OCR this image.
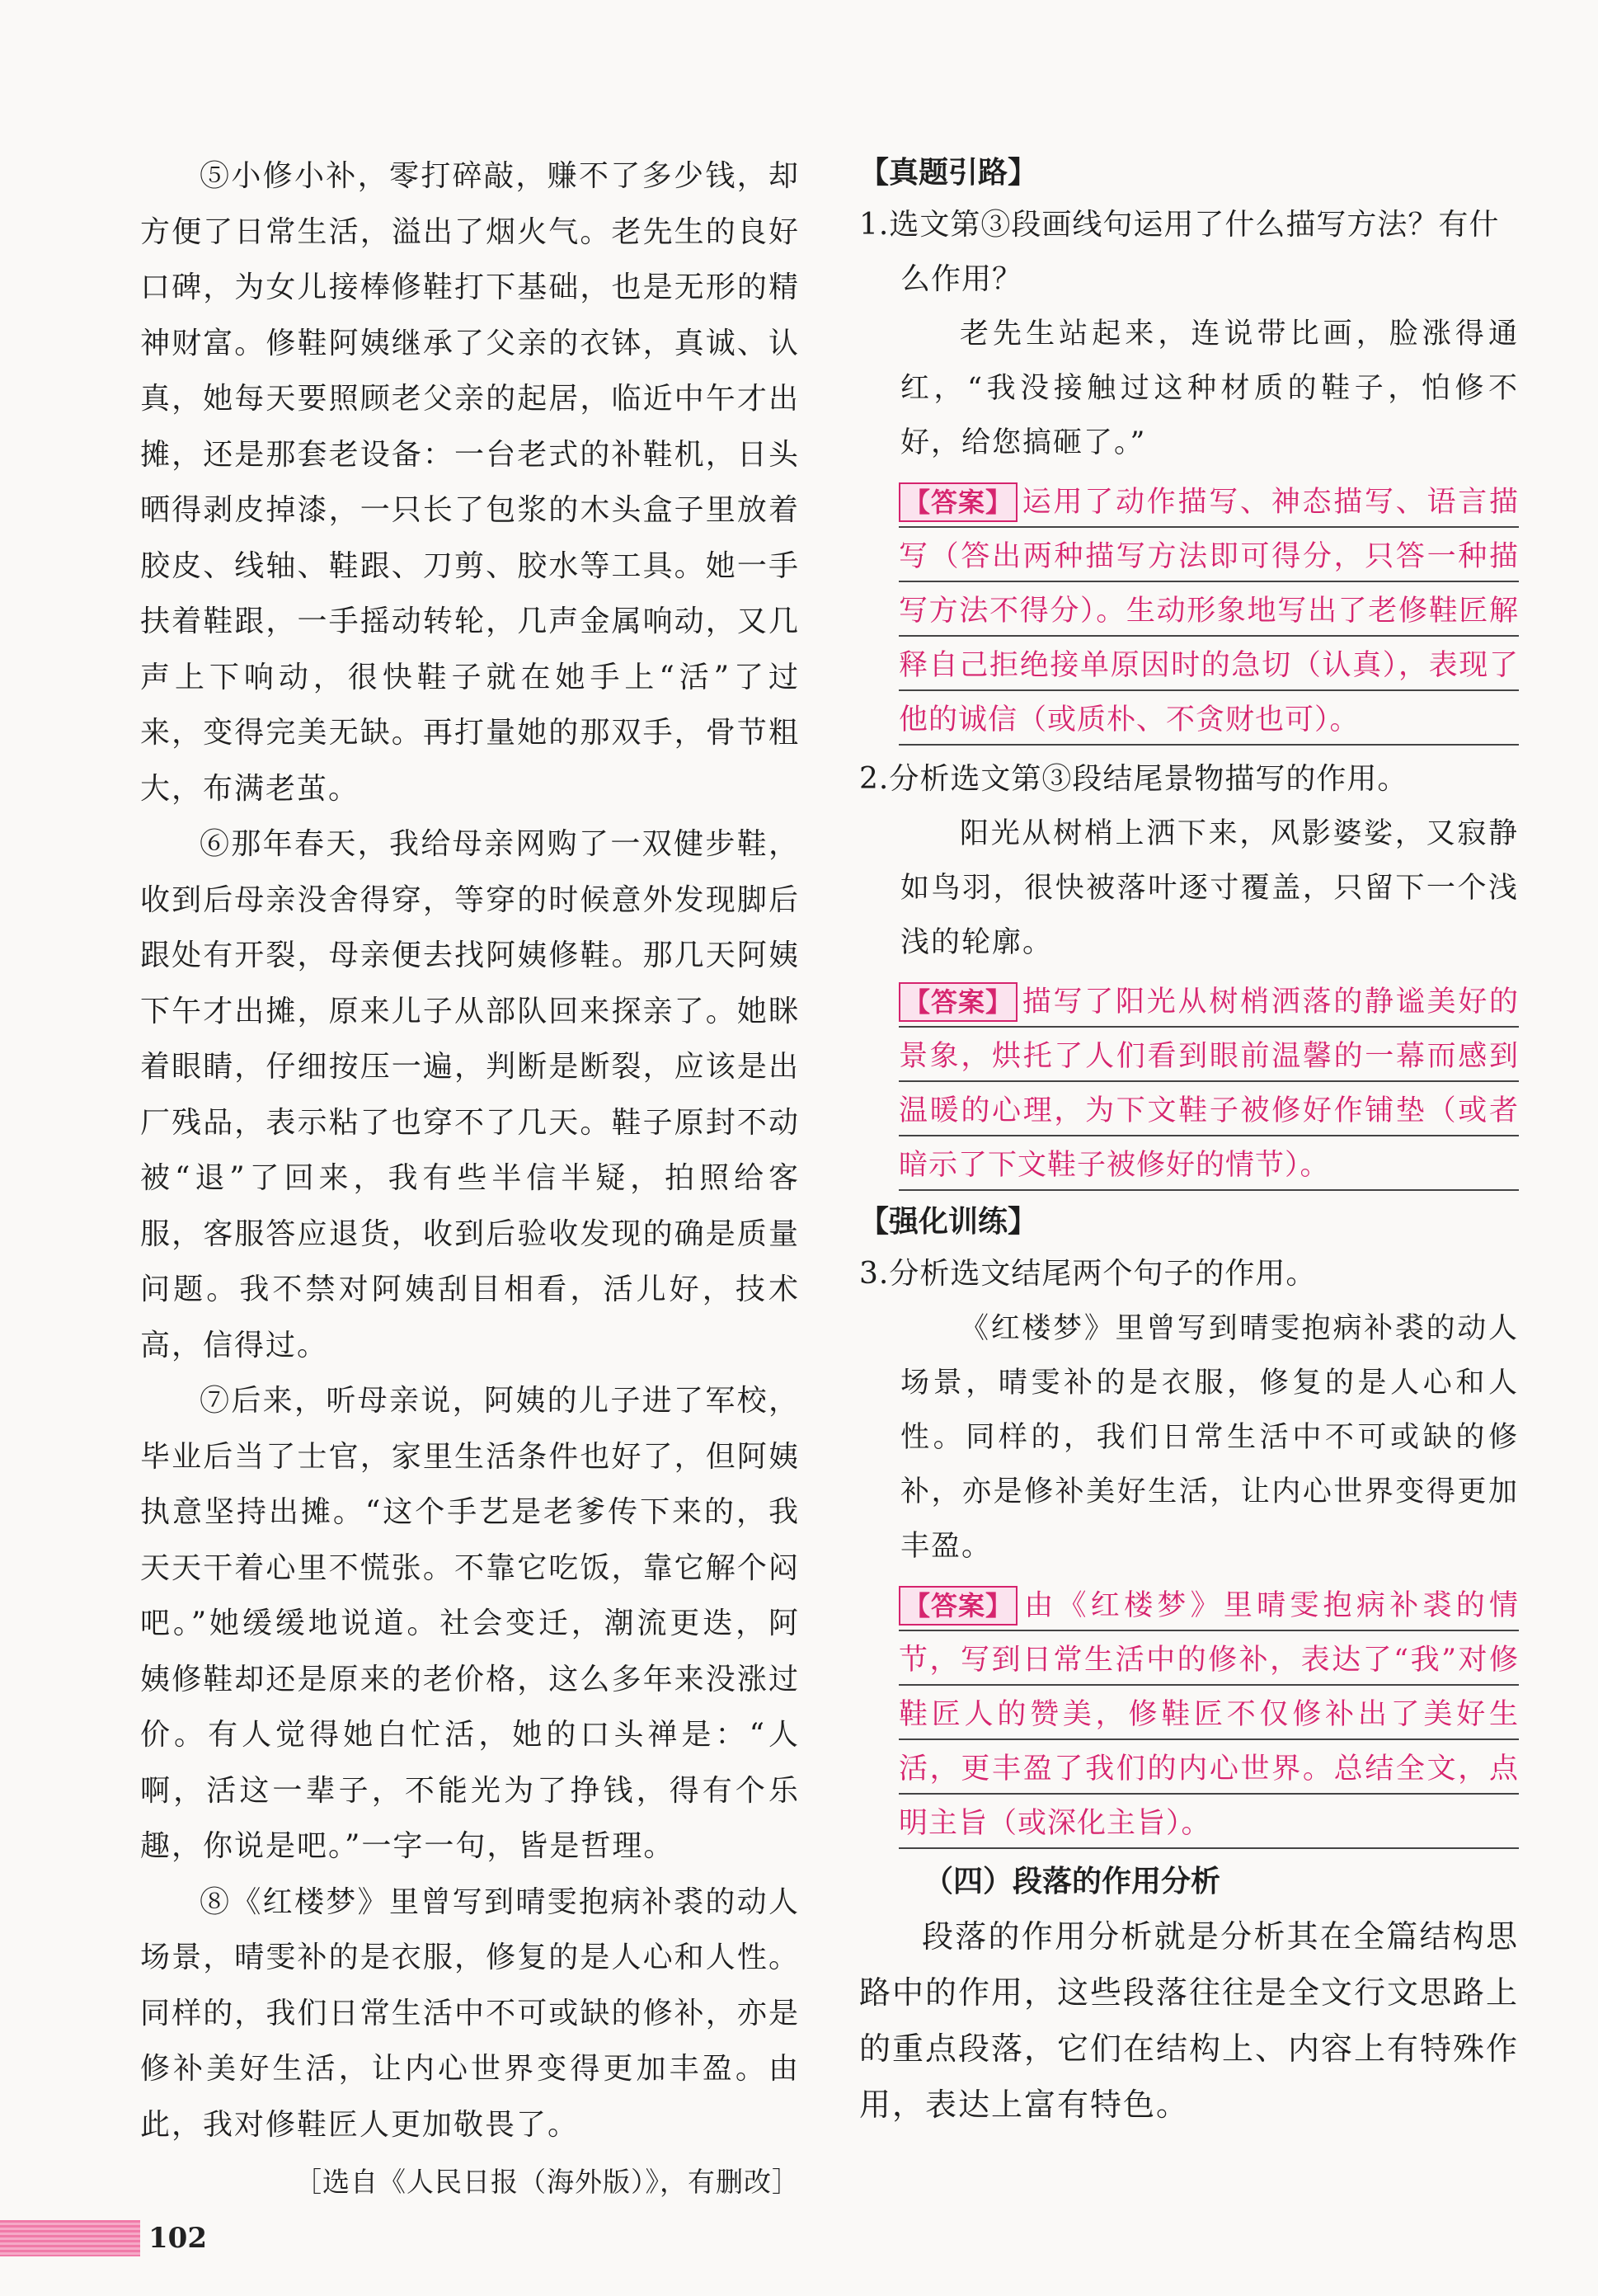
⑤小修小补，零打碎敲，赚不了多少钱，却方便了日常生活，溢出了烟火气。老先生的良好口碑，为女儿接棒修鞋打下基础，也是无形的精神财富。修鞋阿姨继承了父亲的衣钵，真诚、认真，她每天要照顾老父亲的起居，临近中午才出摊，还是那套老设备：一台老式的补鞋机，日头晒得剥皮掉漆，一只长了包浆的木头盒子里放着胶皮、线轴、鞋跟、刀剪、胶水等工具。她一手扶着鞋跟，一手摇动转轮，几声金属响动，又几声上下响动，很快鞋子就在她手上“活”了过来，变得完美无缺。再打量她的那双手，骨节粗大，布满老茧。

⑥那年春天，我给母亲网购了一双健步鞋，收到后母亲没舍得穿，等穿的时候意外发现脚后跟处有开裂，母亲便去找阿姨修鞋。那几天阿姨下午才出摊，原来儿子从部队回来探亲了。她眯着眼睛，仔细按压一遍，判断是断裂，应该是出厂残品，表示粘了也穿不了几天。鞋子原封不动被“退”了回来，我有些半信半疑，拍照给客服，客服答应退货，收到后验收发现的确是质量问题。我不禁对阿姨刮目相看，活儿好，技术高，信得过。

⑦后来，听母亲说，阿姨的儿子进了军校，毕业后当了士官，家里生活条件也好了，但阿姨执意坚持出摊。“这个手艺是老爹传下来的，我天天干着心里不慌张。不靠它吃饭，靠它解个闷吧。”她缓缓地说道。社会变迁，潮流更迭，阿姨修鞋却还是原来的老价格，这么多年来没涨过价。有人觉得她白忙活，她的口头禅是：“人啊，活这一辈子，不能光为了挣钱，得有个乐趣，你说是吧。”一字一句，皆是哲理。

⑧《红楼梦》里曾写到晴雯抱病补裘的动人场景，晴雯补的是衣服，修复的是人心和人性。同样的，我们日常生活中不可或缺的修补，亦是修补美好生活，让内心世界变得更加丰盈。由此，我对修鞋匠人更加敬畏了。

［选自《人民日报（海外版）》，有删改］

【真题引路】

1.选文第③段画线句运用了什么描写方法？有什么作用？

老先生站起来，连说带比画，脸涨得通红，“我没接触过这种材质的鞋子，怕修不好，给您搞砸了。”

【答案】 运用了动作描写、神态描写、语言描写（答出两种描写方法即可得分，只答一种描写方法不得分）。生动形象地写出了老修鞋匠解释自己拒绝接单原因时的急切（认真），表现了他的诚信（或质朴、不贪财也可）。

2.分析选文第③段结尾景物描写的作用。

阳光从树梢上洒下来，风影婆娑，又寂静如鸟羽，很快被落叶逐寸覆盖，只留下一个浅浅的轮廓。

【答案】 描写了阳光从树梢洒落的静谧美好的景象，烘托了人们看到眼前温馨的一幕而感到温暖的心理，为下文鞋子被修好作铺垫（或者暗示了下文鞋子被修好的情节）。

【强化训练】

3.分析选文结尾两个句子的作用。

《红楼梦》里曾写到晴雯抱病补裘的动人场景，晴雯补的是衣服，修复的是人心和人性。同样的，我们日常生活中不可或缺的修补，亦是修补美好生活，让内心世界变得更加丰盈。

【答案】 由《红楼梦》里晴雯抱病补裘的情节，写到日常生活中的修补，表达了“我”对修鞋匠人的赞美，修鞋匠不仅修补出了美好生活，更丰盈了我们的内心世界。总结全文，点明主旨（或深化主旨）。

（四）段落的作用分析

段落的作用分析就是分析其在全篇结构思路中的作用，这些段落往往是全文行文思路上的重点段落，它们在结构上、内容上有特殊作用，表达上富有特色。

102
